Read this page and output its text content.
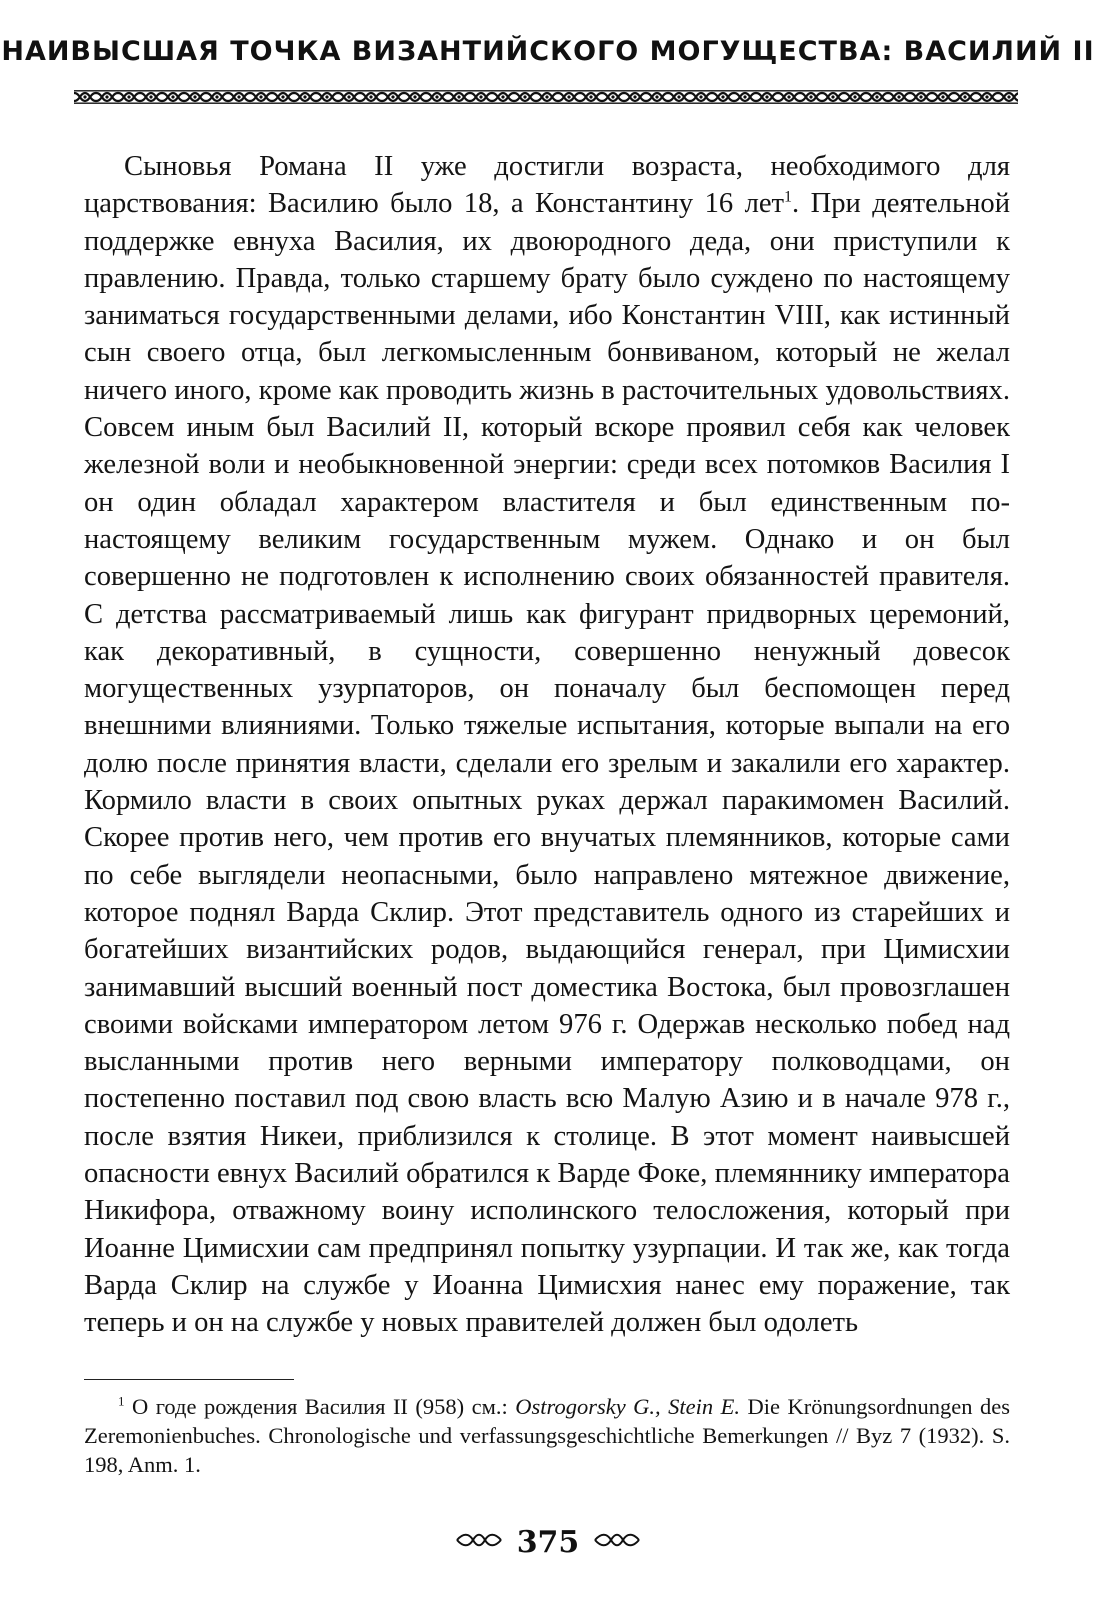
НАИВЫСШАЯ ТОЧКА ВИЗАНТИЙСКОГО МОГУЩЕСТВА: ВАСИЛИЙ II
Сыновья Романа II уже достигли возраста, необходимого для царствования: Василию было 18, а Константину 16 лет$^1$. При деятельной поддержке евнуха Василия, их двоюродного деда, они приступили к правлению. Правда, только старшему брату было суждено по настоящему заниматься государственными делами, ибо Константин VIII, как истинный сын своего отца, был легкомысленным бонвиваном, который не желал ничего иного, кроме как проводить жизнь в расточительных удовольствиях. Совсем иным был Василий II, который вскоре проявил себя как человек железной воли и необыкновенной энергии: среди всех потомков Василия I он один обладал характером властителя и был единственным по-настоящему великим государственным мужем. Однако и он был совершенно не подготовлен к исполнению своих обязанностей правителя. С детства рассматриваемый лишь как фигурант придворных церемоний, как декоративный, в сущности, совершенно ненужный довесок могущественных узурпаторов, он поначалу был беспомощен перед внешними влияниями. Только тяжелые испытания, которые выпали на его долю после принятия власти, сделали его зрелым и закалили его характер. Кормило власти в своих опытных руках держал паракимомен Василий. Скорее против него, чем против его внучатых племянников, которые сами по себе выглядели неопасными, было направлено мятежное движение, которое поднял Варда Склир. Этот представитель одного из старейших и богатейших византийских родов, выдающийся генерал, при Цимисхии занимавший высший военный пост доместика Востока, был провозглашен своими войсками императором летом 976 г. Одержав несколько побед над высланными против него верными императору полководцами, он постепенно поставил под свою власть всю Малую Азию и в начале 978 г., после взятия Никеи, приблизился к столице. В этот момент наивысшей опасности евнух Василий обратился к Варде Фоке, племяннику императора Никифора, отважному воину исполинского телосложения, который при Иоанне Цимисхии сам предпринял попытку узурпации. И так же, как тогда Варда Склир на службе у Иоанна Цимисхия нанес ему поражение, так теперь и он на службе у новых правителей должен был одолеть
$^1$ О годе рождения Василия II (958) см.: Ostrogorsky G., Stein E. Die Krönungsordnungen des Zeremonienbuches. Chronologische und verfassungsgeschichtliche Bemerkungen // Byz 7 (1932). S. 198, Anm. 1.
375
